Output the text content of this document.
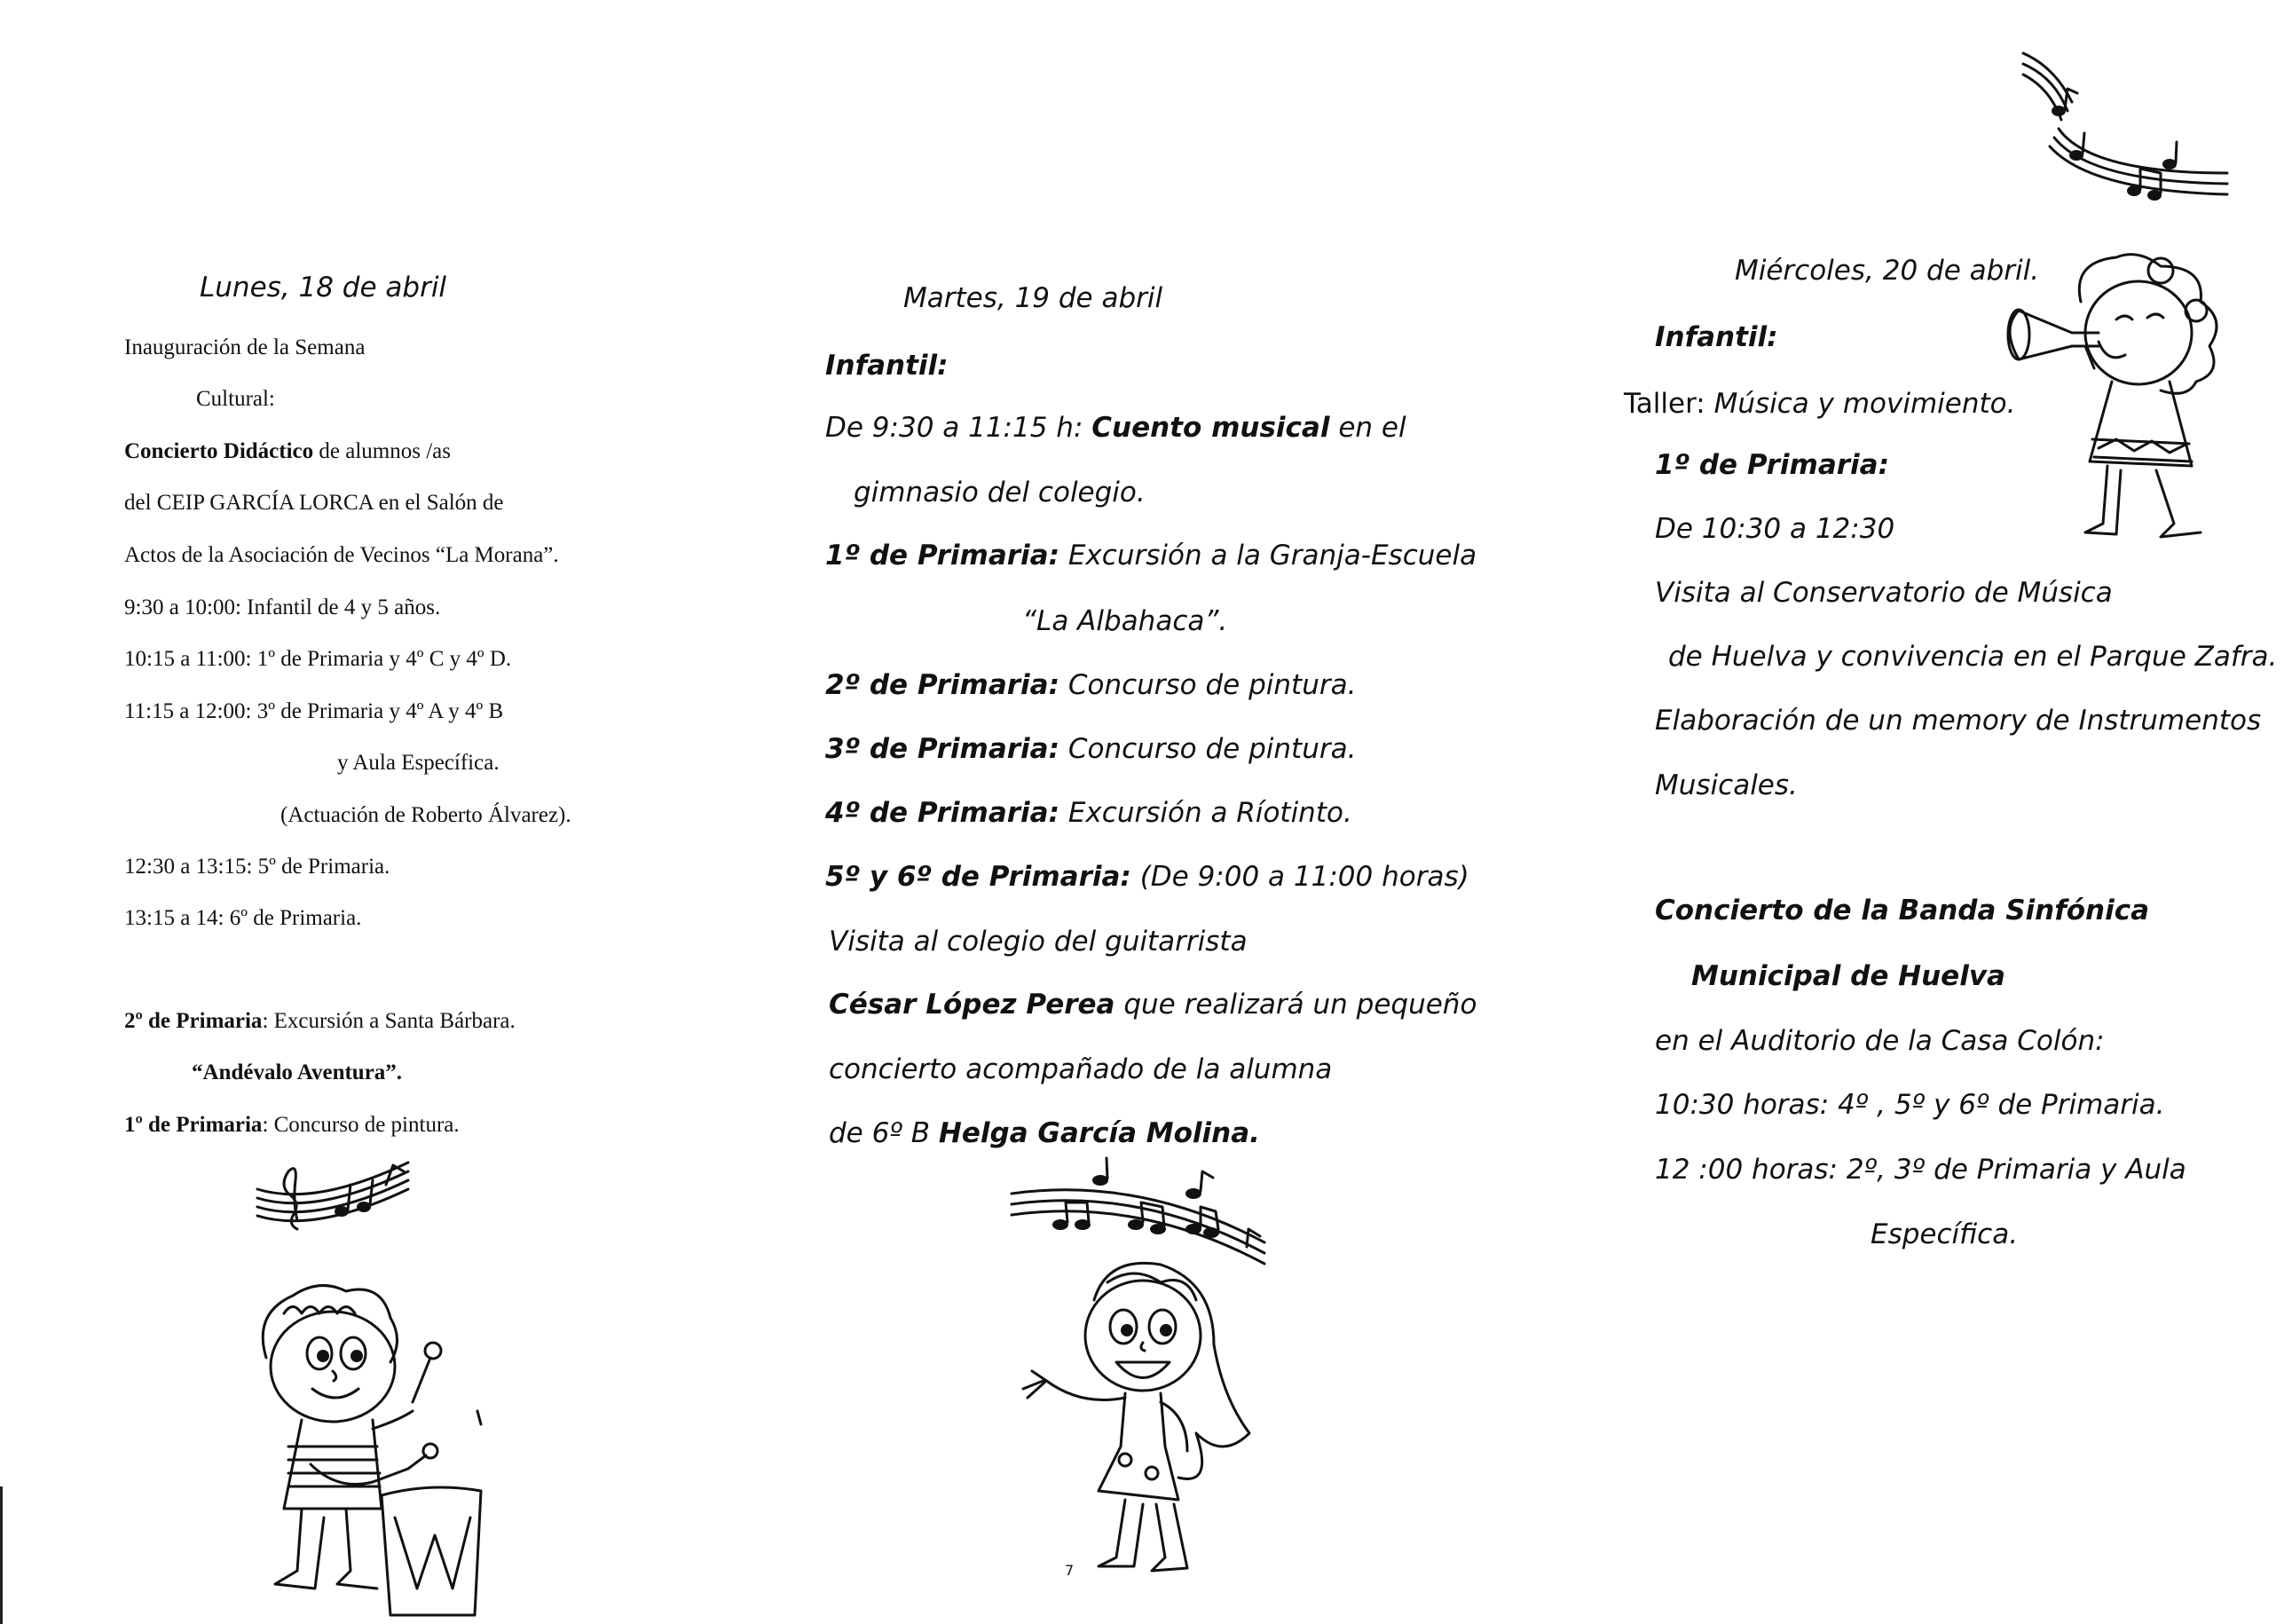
Lunes, 18 de abril
Inauguración de la Semana
Cultural:
Concierto Didáctico de alumnos /as
del CEIP GARCÍA LORCA en el Salón de
Actos de la Asociación de Vecinos “La Morana”.
9:30 a 10:00: Infantil de 4 y 5 años.
10:15 a 11:00: 1º de Primaria y 4º C y 4º D.
11:15 a 12:00: 3º de Primaria y 4º A y 4º B
y Aula Específica.
(Actuación de Roberto Álvarez).
12:30 a 13:15: 5º de Primaria.
13:15 a 14: 6º de Primaria.
2º de Primaria: Excursión a Santa Bárbara.
“Andévalo Aventura”.
1º de Primaria: Concurso de pintura.
Martes, 19 de abril
Infantil:
De 9:30 a 11:15 h: Cuento musical en el
gimnasio del colegio.
1º de Primaria: Excursión a la Granja-Escuela
“La Albahaca”.
2º de Primaria: Concurso de pintura.
3º de Primaria: Concurso de pintura.
4º de Primaria: Excursión a Ríotinto.
5º y 6º de Primaria: (De 9:00 a 11:00 horas)
Visita al colegio del guitarrista
César López Perea que realizará un pequeño
concierto acompañado de la alumna
de 6º B Helga García Molina.
7
Miércoles, 20 de abril.
Infantil:
Taller: Música y movimiento.
1º de Primaria:
De 10:30 a 12:30
Visita al Conservatorio de Música
de Huelva y convivencia en el Parque Zafra.
Elaboración de un memory de Instrumentos
Musicales.
Concierto de la Banda Sinfónica
Municipal de Huelva
en el Auditorio de la Casa Colón:
10:30 horas: 4º , 5º y 6º de Primaria.
12 :00 horas: 2º, 3º de Primaria y Aula
Específica.
